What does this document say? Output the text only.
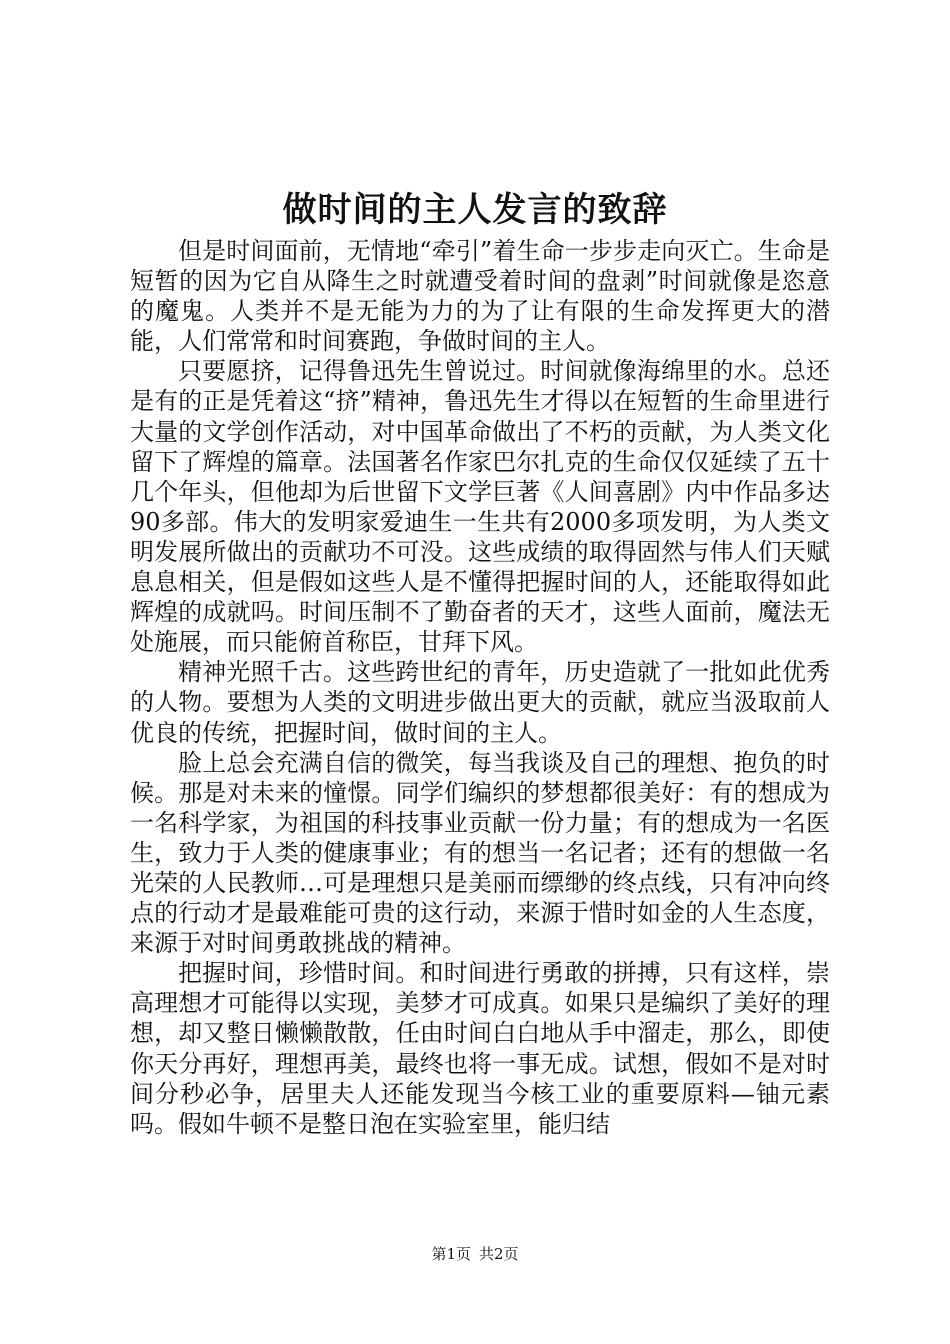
做时间的主人发言的致辞

但是时间面前，无情地“牵引”着生命一步步走向灭亡。生命是短暂的因为它自从降生之时就遭受着时间的盘剥”时间就像是恣意的魔鬼。人类并不是无能为力的为了让有限的生命发挥更大的潜能，人们常常和时间赛跑，争做时间的主人。

只要愿挤，记得鲁迅先生曾说过。时间就像海绵里的水。总还是有的正是凭着这“挤”精神，鲁迅先生才得以在短暂的生命里进行大量的文学创作活动，对中国革命做出了不朽的贡献，为人类文化留下了辉煌的篇章。法国著名作家巴尔扎克的生命仅仅延续了五十几个年头，但他却为后世留下文学巨著《人间喜剧》内中作品多达90多部。伟大的发明家爱迪生一生共有2000多项发明，为人类文明发展所做出的贡献功不可没。这些成绩的取得固然与伟人们天赋息息相关，但是假如这些人是不懂得把握时间的人，还能取得如此辉煌的成就吗。时间压制不了勤奋者的天才，这些人面前，魔法无处施展，而只能俯首称臣，甘拜下风。

精神光照千古。这些跨世纪的青年，历史造就了一批如此优秀的人物。要想为人类的文明进步做出更大的贡献，就应当汲取前人优良的传统，把握时间，做时间的主人。

脸上总会充满自信的微笑，每当我谈及自己的理想、抱负的时候。那是对未来的憧憬。同学们编织的梦想都很美好：有的想成为一名科学家，为祖国的科技事业贡献一份力量；有的想成为一名医生，致力于人类的健康事业；有的想当一名记者；还有的想做一名光荣的人民教师…可是理想只是美丽而缥缈的终点线，只有冲向终点的行动才是最难能可贵的这行动，来源于惜时如金的人生态度，来源于对时间勇敢挑战的精神。

把握时间，珍惜时间。和时间进行勇敢的拼搏，只有这样，崇高理想才可能得以实现，美梦才可成真。如果只是编织了美好的理想，却又整日懒懒散散，任由时间白白地从手中溜走，那么，即使你天分再好，理想再美，最终也将一事无成。试想，假如不是对时间分秒必争，居里夫人还能发现当今核工业的重要原料—铀元素吗。假如牛顿不是整日泡在实验室里，能归结

第1页 共2页
